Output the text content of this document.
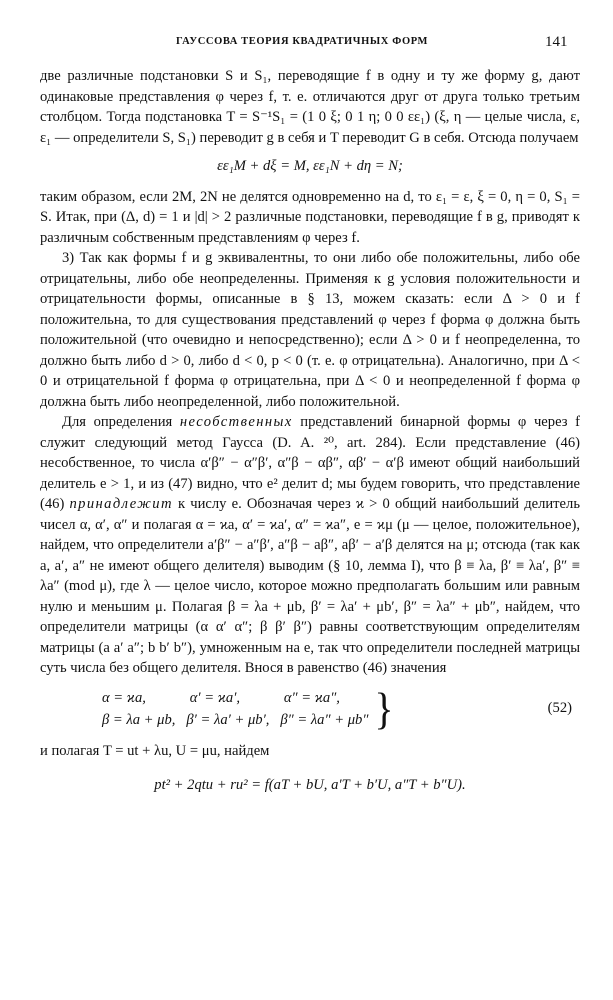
ГАУССОВА ТЕОРИЯ КВАДРАТИЧНЫХ ФОРМ	141

две различные подстановки S и S₁, переводящие f в одну и ту же форму g, дают одинаковые представления φ через f, т. е. отличаются друг от друга только третьим столбцом. Тогда подстановка T = S⁻¹S₁ = (1 0 ξ; 0 1 η; 0 0 εε₁) (ξ, η — целые числа, ε, ε₁ — определители S, S₁) переводит g в себя и T переводит G в себя. Отсюда получаем

εε₁M + dξ = M, εε₁N + dη = N;

таким образом, если 2M, 2N не делятся одновременно на d, то ε₁ = ε, ξ = 0, η = 0, S₁ = S. Итак, при (Δ, d) = 1 и |d| > 2 различные подстановки, переводящие f в g, приводят к различным собственным представлениям φ через f.

3) Так как формы f и g эквивалентны, то они либо обе положительны, либо обе отрицательны, либо обе неопределенны. Применяя к g условия положительности и отрицательности формы, описанные в § 13, можем сказать: если Δ > 0 и f положительна, то для существования представлений φ через f форма φ должна быть положительной (что очевидно и непосредственно); если Δ > 0 и f неопределенна, то должно быть либо d > 0, либо d < 0, p < 0 (т. е. φ отрицательна). Аналогично, при Δ < 0 и отрицательной f форма φ отрицательна, при Δ < 0 и неопределенной f форма φ должна быть либо неопределенной, либо положительной.

Для определения несобственных представлений бинарной формы φ через f служит следующий метод Гаусса (D. A. ²⁰, art. 284). Если представление (46) несобственное, то числа α′β″ − α″β′, α″β − αβ″, αβ′ − α′β имеют общий наибольший делитель e > 1, и из (47) видно, что e² делит d; мы будем говорить, что представление (46) принадлежит к числу e. Обозначая через ϰ > 0 общий наибольший делитель чисел α, α′, α″ и полагая α = ϰa, α′ = ϰa′, α″ = ϰa″, e = ϰμ (μ — целое, положительное), найдем, что определители a′β″ − a″β′, a″β − aβ″, aβ′ − a′β делятся на μ; отсюда (так как a, a′, a″ не имеют общего делителя) выводим (§ 10, лемма I), что β ≡ λa, β′ ≡ λa′, β″ ≡ λa″ (mod μ), где λ — целое число, которое можно предполагать большим или равным нулю и меньшим μ. Полагая β = λa + μb, β′ = λa′ + μb′, β″ = λa″ + μb″, найдем, что определители матрицы (α α′ α″; β β′ β″) равны соответствующим определителям матрицы (a a′ a″; b b′ b″), умноженным на e, так что определители последней матрицы суть числа без общего делителя. Внося в равенство (46) значения

α = ϰa,            α′ = ϰa′,            α″ = ϰa″,
β = λa + μb,   β′ = λa′ + μb′,   β″ = λa″ + μb″ }	(52)

и полагая T = ut + λu, U = μu, найдем

pt² + 2qtu + ru² = f(aT + bU, a′T + b′U, a″T + b″U).
